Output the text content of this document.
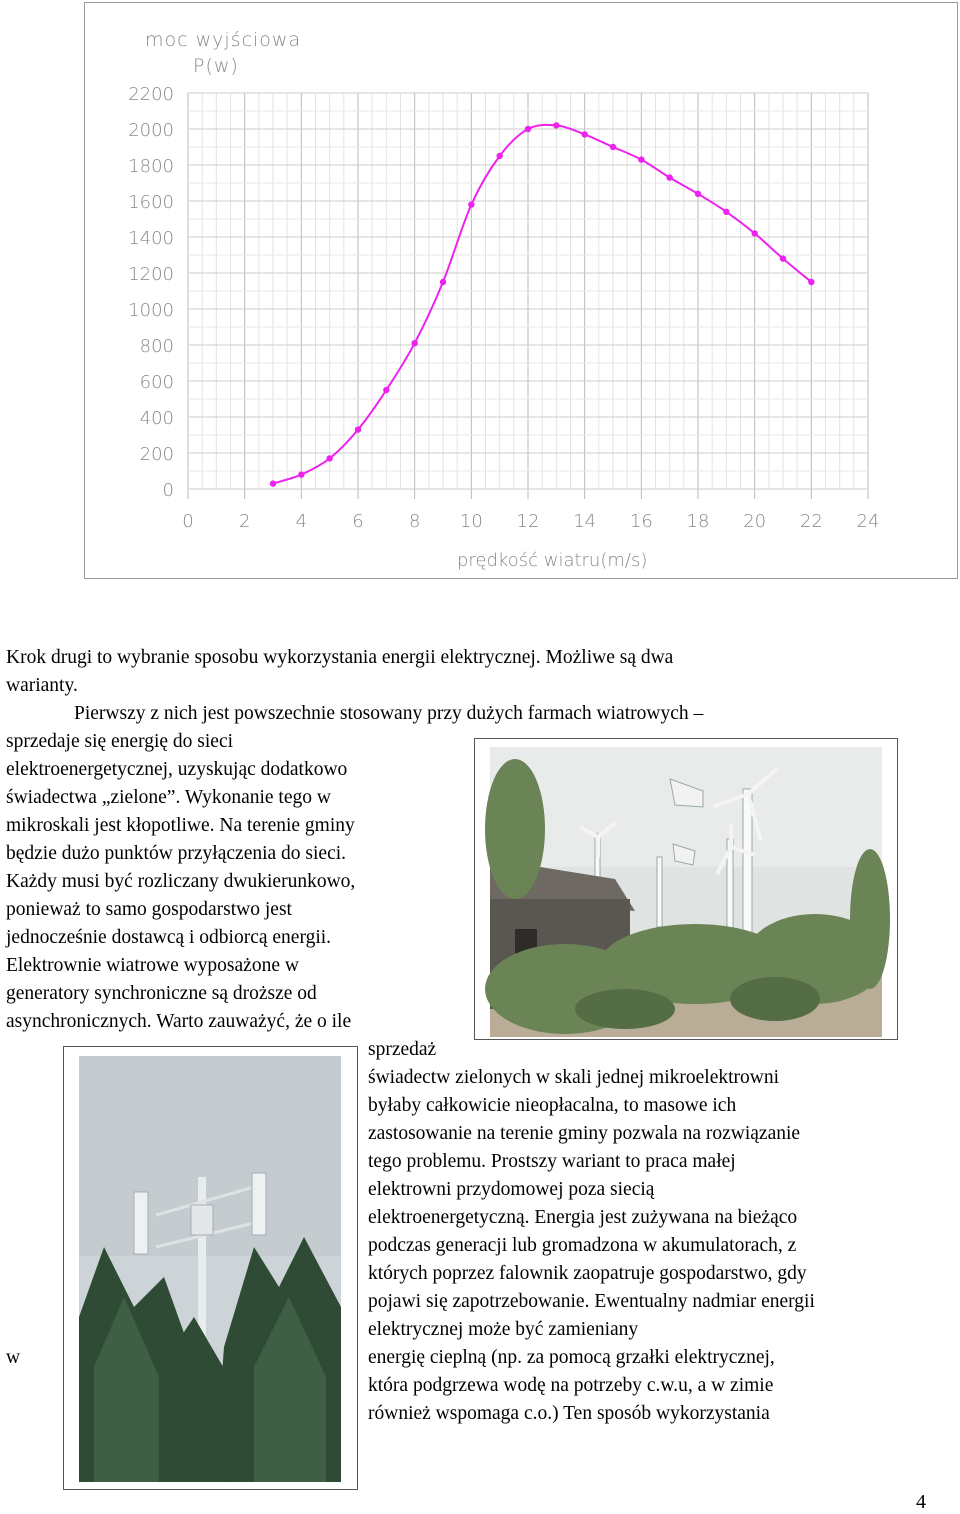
moc wyjściowa
P(w)
0
200
400
600
800
1000
1200
1400
1600
1800
2000
2200
0	2	4	6	8 10 12 14 16 18 20 22 24
prędkość wiatru(m/s)

Krok drugi to wybranie sposobu wykorzystania energii elektrycznej. Możliwe są dwa

warianty.

Pierwszy z nich jest powszechnie stosowany przy dużych farmach wiatrowych –

sprzedaje się energię do sieci

elektroenergetycznej, uzyskując dodatkowo

świadectwa „zielone”. Wykonanie tego w

mikroskali jest kłopotliwe. Na terenie gminy

będzie dużo punktów przyłączenia do sieci.

Każdy musi być rozliczany dwukierunkowo,

ponieważ to samo gospodarstwo jest

jednocześnie dostawcą i odbiorcą energii.

Elektrownie wiatrowe wyposażone w

generatory synchroniczne są droższe od

asynchronicznych. Warto zauważyć, że o ile

sprzedaż

świadectw zielonych w skali jednej mikroelektrowni

byłaby całkowicie nieopłacalna, to masowe ich

zastosowanie na terenie gminy pozwala na rozwiązanie

tego problemu. Prostszy wariant to praca małej

elektrowni przydomowej poza siecią

elektroenergetyczną. Energia jest zużywana na bieżąco

podczas generacji lub gromadzona w akumulatorach, z

których poprzez falownik zaopatruje gospodarstwo, gdy

pojawi się zapotrzebowanie. Ewentualny nadmiar energii

elektrycznej może być zamieniany

w	energię cieplną (np. za pomocą grzałki elektrycznej,

która podgrzewa wodę na potrzeby c.w.u, a w zimie

również wspomaga c.o.) Ten sposób wykorzystania

4
